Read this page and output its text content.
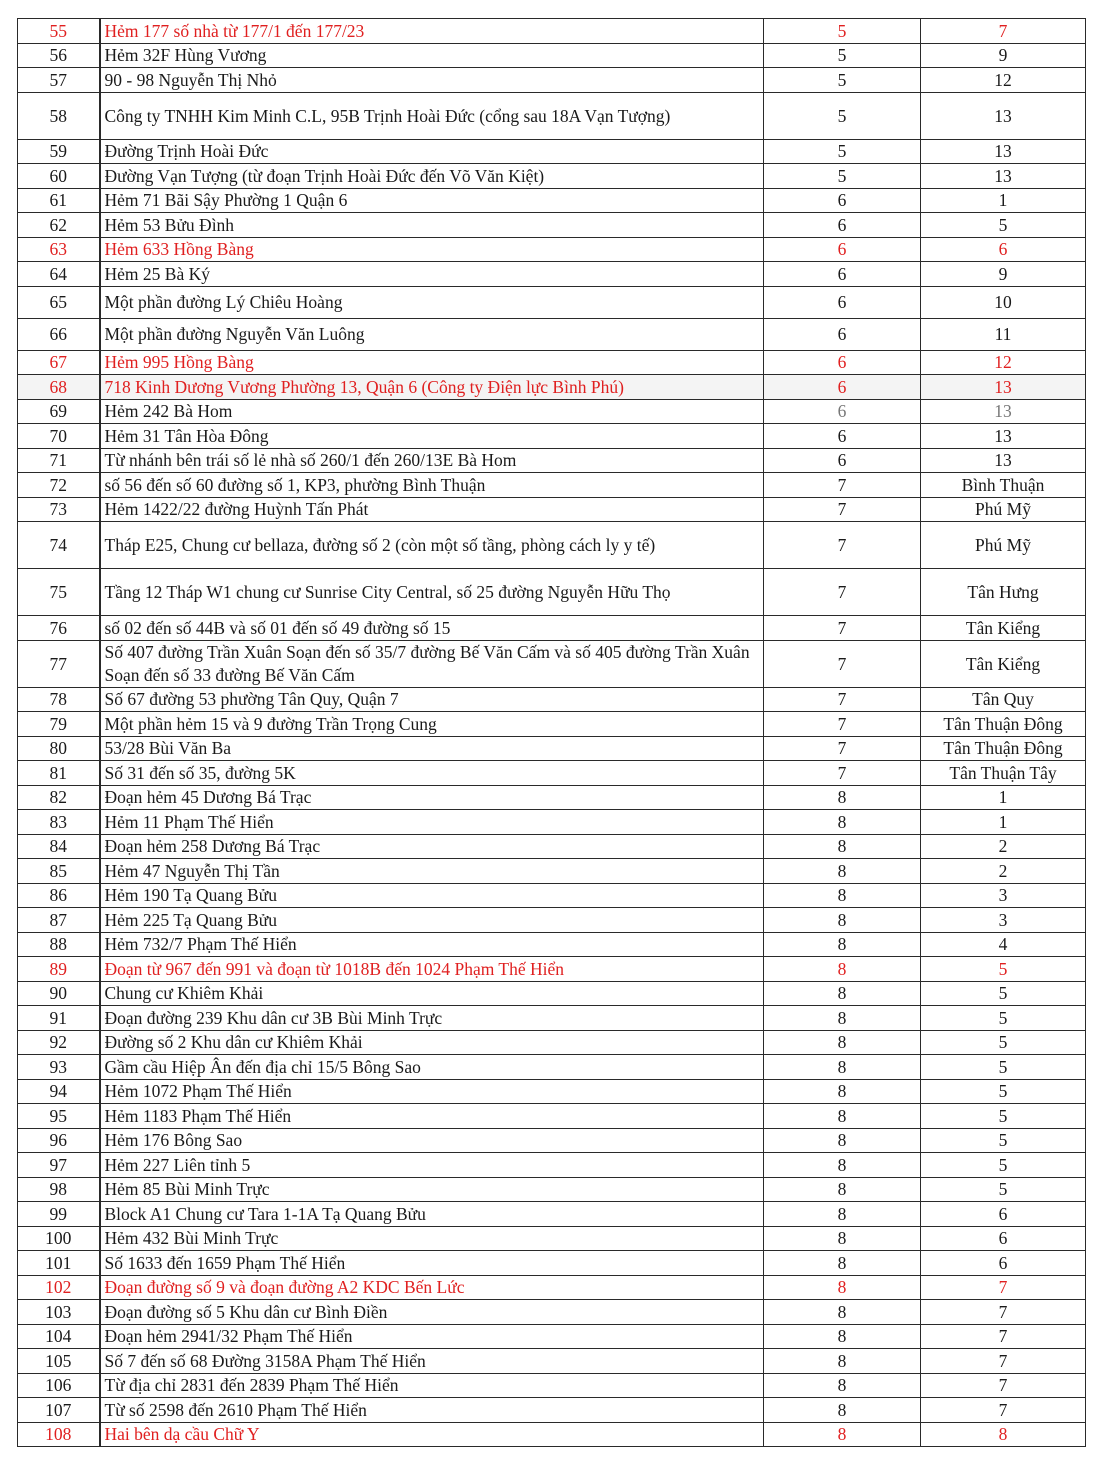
55	Hẻm 177 số nhà từ 177/1 đến 177/23	5	7
56	Hẻm 32F Hùng Vương	5	9
57	90 - 98 Nguyễn Thị Nhỏ	5	12
58	Công ty TNHH Kim Minh C.L, 95B Trịnh Hoài Đức (cổng sau 18A Vạn Tượng)	5	13
59	Đường Trịnh Hoài Đức	5	13
60	Đường Vạn Tượng (từ đoạn Trịnh Hoài Đức đến Võ Văn Kiệt)	5	13
61	Hẻm 71 Bãi Sậy Phường 1 Quận 6	6	1
62	Hẻm 53 Bửu Đình	6	5
63	Hẻm 633 Hồng Bàng	6	6
64	Hẻm 25 Bà Ký	6	9
65	Một phần đường Lý Chiêu Hoàng	6	10
66	Một phần đường Nguyễn Văn Luông	6	11
67	Hẻm 995 Hồng Bàng	6	12
68	718 Kinh Dương Vương Phường 13, Quận 6 (Công ty Điện lực Bình Phú)	6	13
69	Hẻm 242 Bà Hom	6	13
70	Hẻm 31 Tân Hòa Đông	6	13
71	Từ nhánh bên trái số lẻ nhà số 260/1 đến 260/13E Bà Hom	6	13
72	số 56 đến số 60 đường số 1, KP3, phường Bình Thuận	7	Bình Thuận
73	Hẻm 1422/22 đường Huỳnh Tấn Phát	7	Phú Mỹ
74	Tháp E25, Chung cư bellaza, đường số 2 (còn một số tầng, phòng cách ly y tế)	7	Phú Mỹ
75	Tầng 12 Tháp W1 chung cư Sunrise City Central, số 25 đường Nguyễn Hữu Thọ	7	Tân Hưng
76	số 02 đến số 44B và số 01 đến số 49 đường số 15	7	Tân Kiểng
77	Số 407 đường Trần Xuân Soạn đến số 35/7 đường Bế Văn Cấm và số 405 đường Trần Xuân Soạn đến số 33 đường Bế Văn Cấm	7	Tân Kiểng
78	Số 67 đường 53 phường Tân Quy, Quận 7	7	Tân Quy
79	Một phần hẻm 15 và 9 đường Trần Trọng Cung	7	Tân Thuận Đông
80	53/28 Bùi Văn Ba	7	Tân Thuận Đông
81	Số 31 đến số 35, đường 5K	7	Tân Thuận Tây
82	Đoạn hẻm 45 Dương Bá Trạc	8	1
83	Hẻm 11 Phạm Thế Hiển	8	1
84	Đoạn hẻm 258 Dương Bá Trạc	8	2
85	Hẻm 47 Nguyễn Thị Tần	8	2
86	Hẻm 190 Tạ Quang Bửu	8	3
87	Hẻm 225 Tạ Quang Bửu	8	3
88	Hẻm 732/7 Phạm Thế Hiển	8	4
89	Đoạn từ 967 đến 991 và đoạn từ 1018B đến 1024 Phạm Thế Hiển	8	5
90	Chung cư Khiêm Khải	8	5
91	Đoạn đường 239 Khu dân cư 3B Bùi Minh Trực	8	5
92	Đường số 2 Khu dân cư Khiêm Khải	8	5
93	Gầm cầu Hiệp Ân đến địa chỉ 15/5 Bông Sao	8	5
94	Hẻm 1072 Phạm Thế Hiển	8	5
95	Hẻm 1183 Phạm Thế Hiển	8	5
96	Hẻm 176 Bông Sao	8	5
97	Hẻm 227 Liên tỉnh 5	8	5
98	Hẻm 85 Bùi Minh Trực	8	5
99	Block A1 Chung cư Tara 1-1A Tạ Quang Bửu	8	6
100	Hẻm 432 Bùi Minh Trực	8	6
101	Số 1633 đến 1659 Phạm Thế Hiển	8	6
102	Đoạn đường số 9 và đoạn đường A2 KDC Bến Lức	8	7
103	Đoạn đường số 5 Khu dân cư Bình Điền	8	7
104	Đoạn hẻm 2941/32 Phạm Thế Hiển	8	7
105	Số 7 đến số 68 Đường 3158A Phạm Thế Hiển	8	7
106	Từ địa chỉ 2831 đến 2839 Phạm Thế Hiển	8	7
107	Từ số 2598 đến 2610 Phạm Thế Hiển	8	7
108	Hai bên dạ cầu Chữ Y	8	8
